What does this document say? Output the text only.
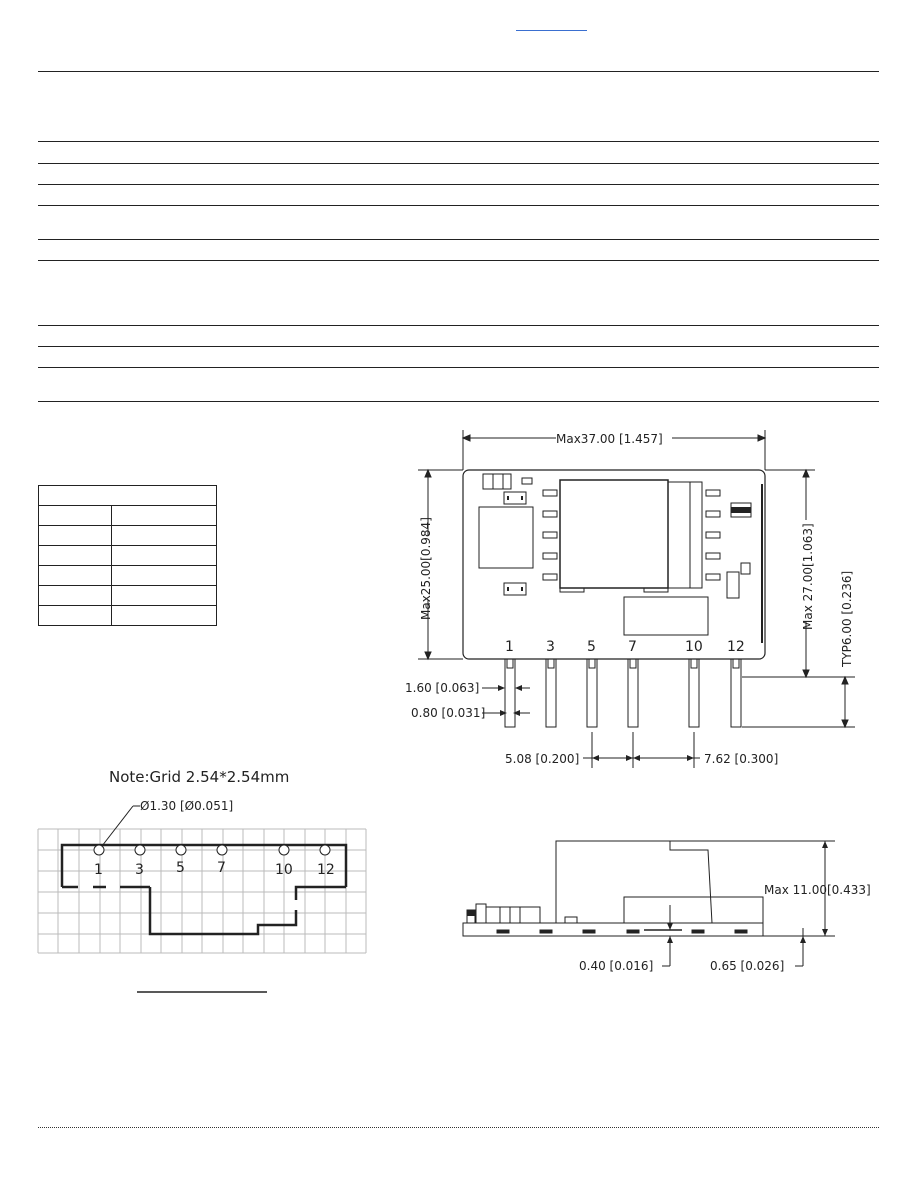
Max37.00 [1.457]
Max25.00[0.984]	Max 27.00[1.063] TYP6.00 [0.236]
1.60 [0.063]
0.80 [0.031]
5.08 [0.200]	7.62 [0.300]
1 3 5 7	10 12
Max 11.00[0.433]
0.40 [0.016]	0.65 [0.026]
Note:Grid 2.54*2.54mm
Ø1.30 [Ø0.051]
1 3 5 7	10 12
